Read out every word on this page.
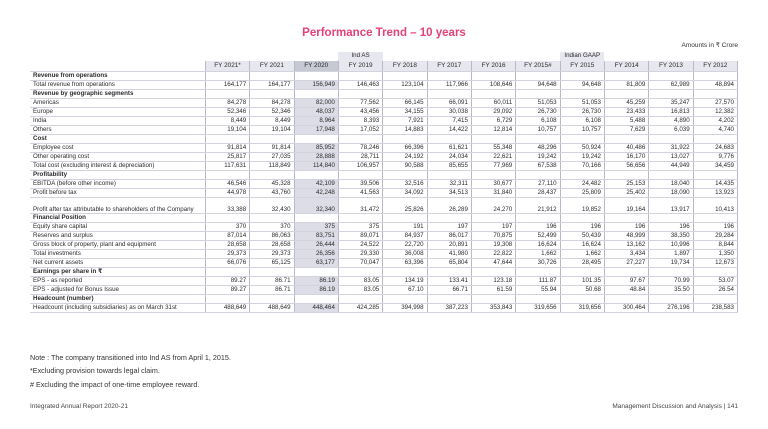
Performance Trend – 10 years
Amounts in ₹ Crore
				Ind AS					Indian GAAP			
	FY 2021*	FY 2021	FY 2020	FY 2019	FY 2018	FY 2017	FY 2016	FY 2015#	FY 2015	FY 2014	FY 2013	FY 2012
Revenue from operations												
Total revenue from operations	164,177	164,177	156,949	146,463	123,104	117,966	108,646	94,648	94,648	81,809	62,989	48,894
Revenue by geographic segments												
Americas	84,278	84,278	82,000	77,562	66,145	66,091	60,011	51,053	51,053	45,259	35,247	27,570
Europe	52,346	52,346	48,037	43,456	34,155	30,038	29,092	26,730	26,730	23,433	16,813	12,382
India	8,449	8,449	8,964	8,393	7,921	7,415	6,729	6,108	6,108	5,488	4,890	4,202
Others	19,104	19,104	17,948	17,052	14,883	14,422	12,814	10,757	10,757	7,629	6,039	4,740
Cost												
Employee cost	91,814	91,814	85,952	78,246	66,396	61,621	55,348	48,296	50,924	40,486	31,922	24,683
Other operating cost	25,817	27,035	28,888	28,711	24,192	24,034	22,621	19,242	19,242	16,170	13,027	9,776
Total cost (excluding interest & depreciation)	117,631	118,849	114,840	106,957	90,588	85,655	77,969	67,538	70,166	56,656	44,949	34,459
Profitability												
EBITDA (before other income)	46,546	45,328	42,109	39,506	32,516	32,311	30,677	27,110	24,482	25,153	18,040	14,435
Profit before tax	44,978	43,760	42,248	41,563	34,092	34,513	31,840	28,437	25,809	25,402	18,090	13,923
Profit after tax attributable to shareholders of the Company	33,388	32,430	32,340	31,472	25,826	26,289	24,270	21,912	19,852	19,164	13,917	10,413
Financial Position												
Equity share capital	370	370	375	375	191	197	197	196	196	196	196	196
Reserves and surplus	87,014	86,063	83,751	89,071	84,937	86,017	70,875	52,499	50,439	48,999	38,350	29,284
Gross block of property, plant and equipment	28,658	28,658	26,444	24,522	22,720	20,891	19,308	16,624	16,624	13,162	10,996	8,844
Total investments	29,373	29,373	26,356	29,330	36,008	41,980	22,822	1,662	1,662	3,434	1,897	1,350
Net current assets	66,076	65,125	63,177	70,047	63,396	65,804	47,644	30,726	28,495	27,227	19,734	12,673
Earnings per share in ₹												
EPS - as reported	89.27	86.71	86.19	83.05	134.19	133.41	123.18	111.87	101.35	97.67	70.99	53.07
EPS - adjusted for Bonus Issue	89.27	86.71	86.19	83.05	67.10	66.71	61.59	55.94	50.68	48.84	35.50	26.54
Headcount (number)												
Headcount (including subsidiaries) as on March 31st	488,649	488,649	448,464	424,285	394,998	387,223	353,843	319,656	319,656	300,464	276,196	238,583
Note : The company transitioned into Ind AS from April 1, 2015.
*Excluding provision towards legal claim.
# Excluding the impact of one-time employee reward.
Integrated Annual Report 2020-21	Management Discussion and Analysis | 141
